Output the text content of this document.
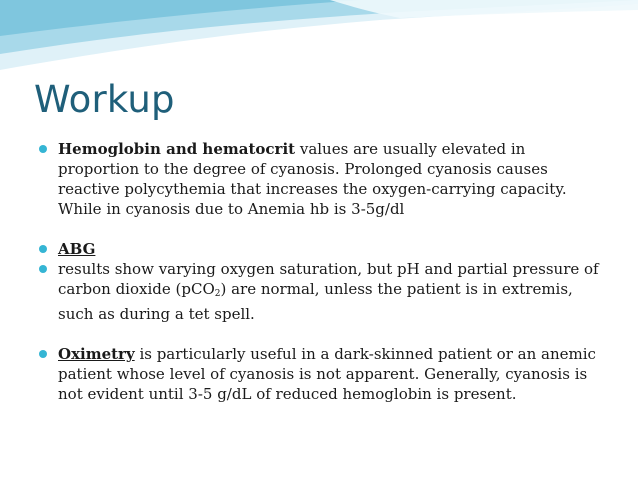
Workup
Hemoglobin and hematocrit values are usually elevated in proportion to the degree of cyanosis. Prolonged cyanosis causes reactive polycythemia that increases the oxygen-carrying capacity. While in cyanosis due to Anemia hb is 3-5g/dl
ABG
results show varying oxygen saturation, but pH and partial pressure of carbon dioxide (pCO$_2$) are normal, unless the patient is in extremis, such as during a tet spell.
Oximetry is particularly useful in a dark-skinned patient or an anemic patient whose level of cyanosis is not apparent. Generally, cyanosis is not evident until 3-5 g/dL of reduced hemoglobin is present.
